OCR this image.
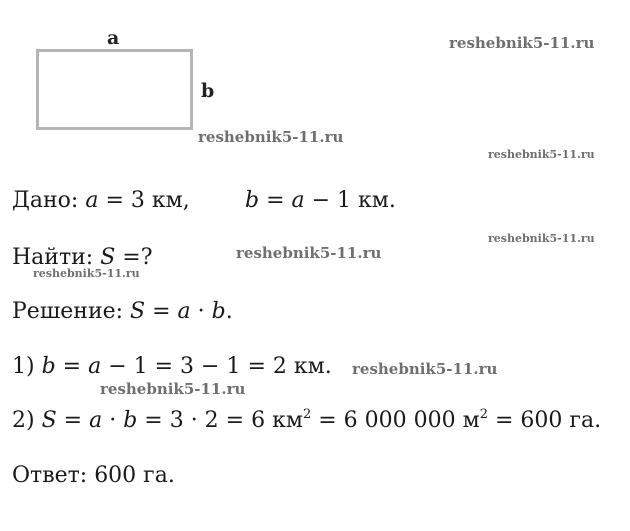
a
b
reshebnik5-11.ru
reshebnik5-11.ru
reshebnik5-11.ru
reshebnik5-11.ru
reshebnik5-11.ru
reshebnik5-11.ru
reshebnik5-11.ru
reshebnik5-11.ru
Дано: a = 3 км,	b = a − 1 км.
Найти: S =?
Решение: S = a · b.
1) b = a − 1 = 3 − 1 = 2 км.
2) S = a · b = 3 · 2 = 6 $км^2 = 6$ 000 000 $м^2 = 600$ га.
Ответ: 600 га.
